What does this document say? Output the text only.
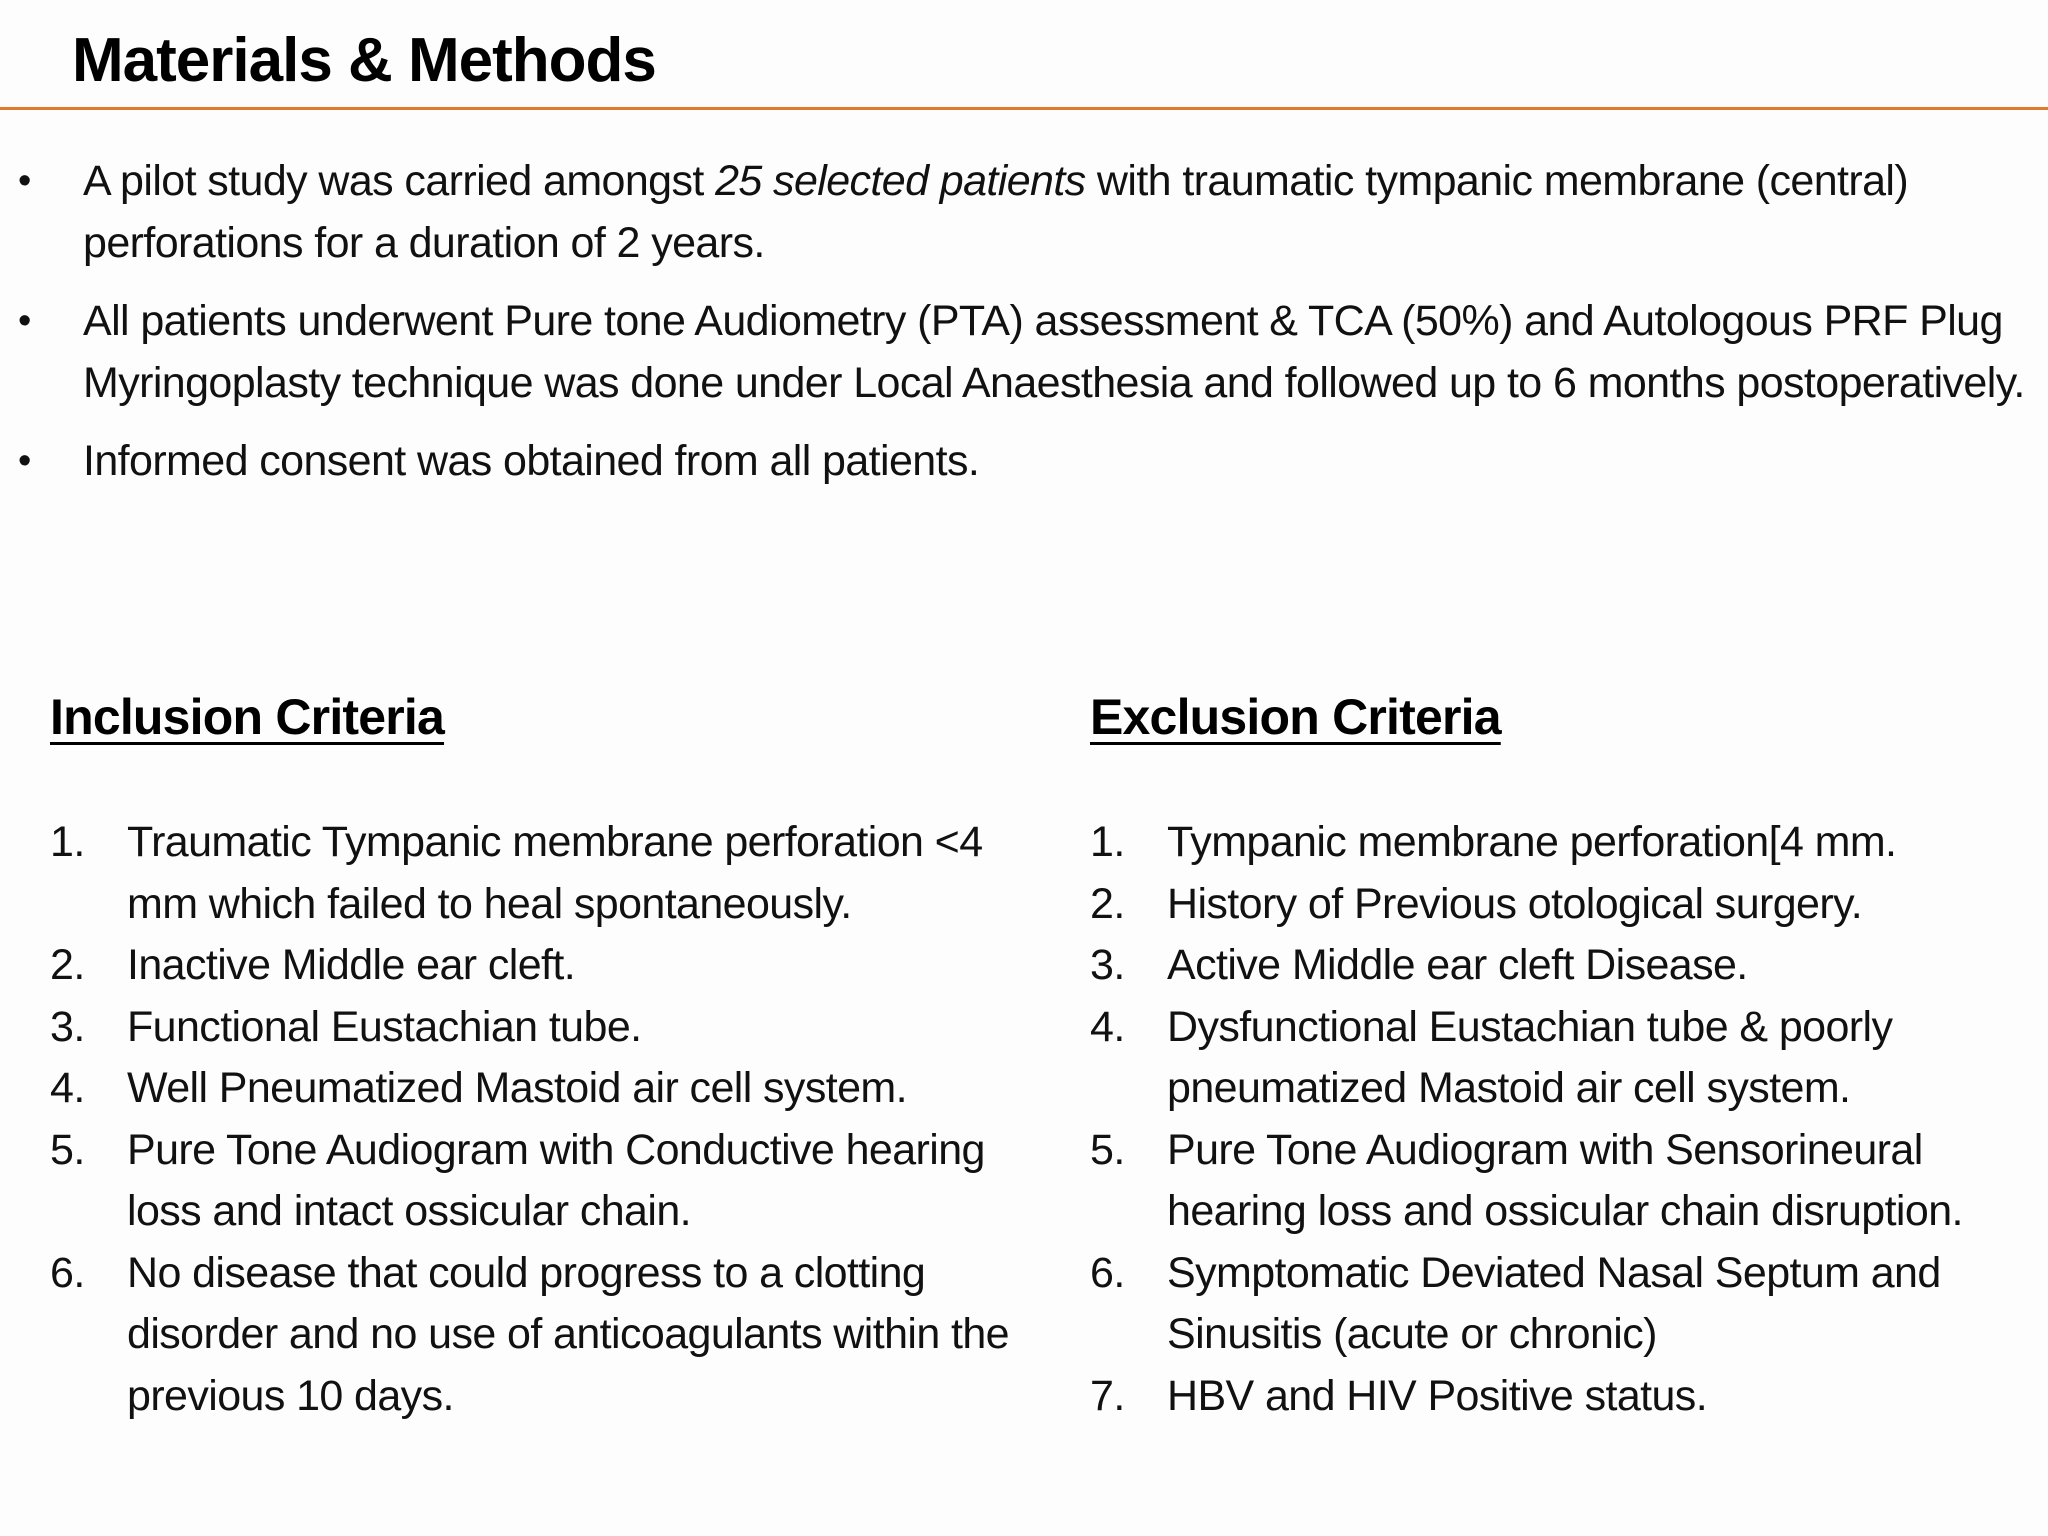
Materials & Methods
• A pilot study was carried amongst 25 selected patients with traumatic tympanic membrane (central) perforations for a duration of 2 years.
• All patients underwent Pure tone Audiometry (PTA) assessment & TCA (50%) and Autologous PRF Plug Myringoplasty technique was done under Local Anaesthesia and followed up to 6 months postoperatively.
• Informed consent was obtained from all patients.
Inclusion Criteria
1. Traumatic Tympanic membrane perforation <4 mm which failed to heal spontaneously.
2. Inactive Middle ear cleft.
3. Functional Eustachian tube.
4. Well Pneumatized Mastoid air cell system.
5. Pure Tone Audiogram with Conductive hearing loss and intact ossicular chain.
6. No disease that could progress to a clotting disorder and no use of anticoagulants within the previous 10 days.
Exclusion Criteria
1. Tympanic membrane perforation[4 mm.
2. History of Previous otological surgery.
3. Active Middle ear cleft Disease.
4. Dysfunctional Eustachian tube & poorly pneumatized Mastoid air cell system.
5. Pure Tone Audiogram with Sensorineural hearing loss and ossicular chain disruption.
6. Symptomatic Deviated Nasal Septum and Sinusitis (acute or chronic)
7. HBV and HIV Positive status.
